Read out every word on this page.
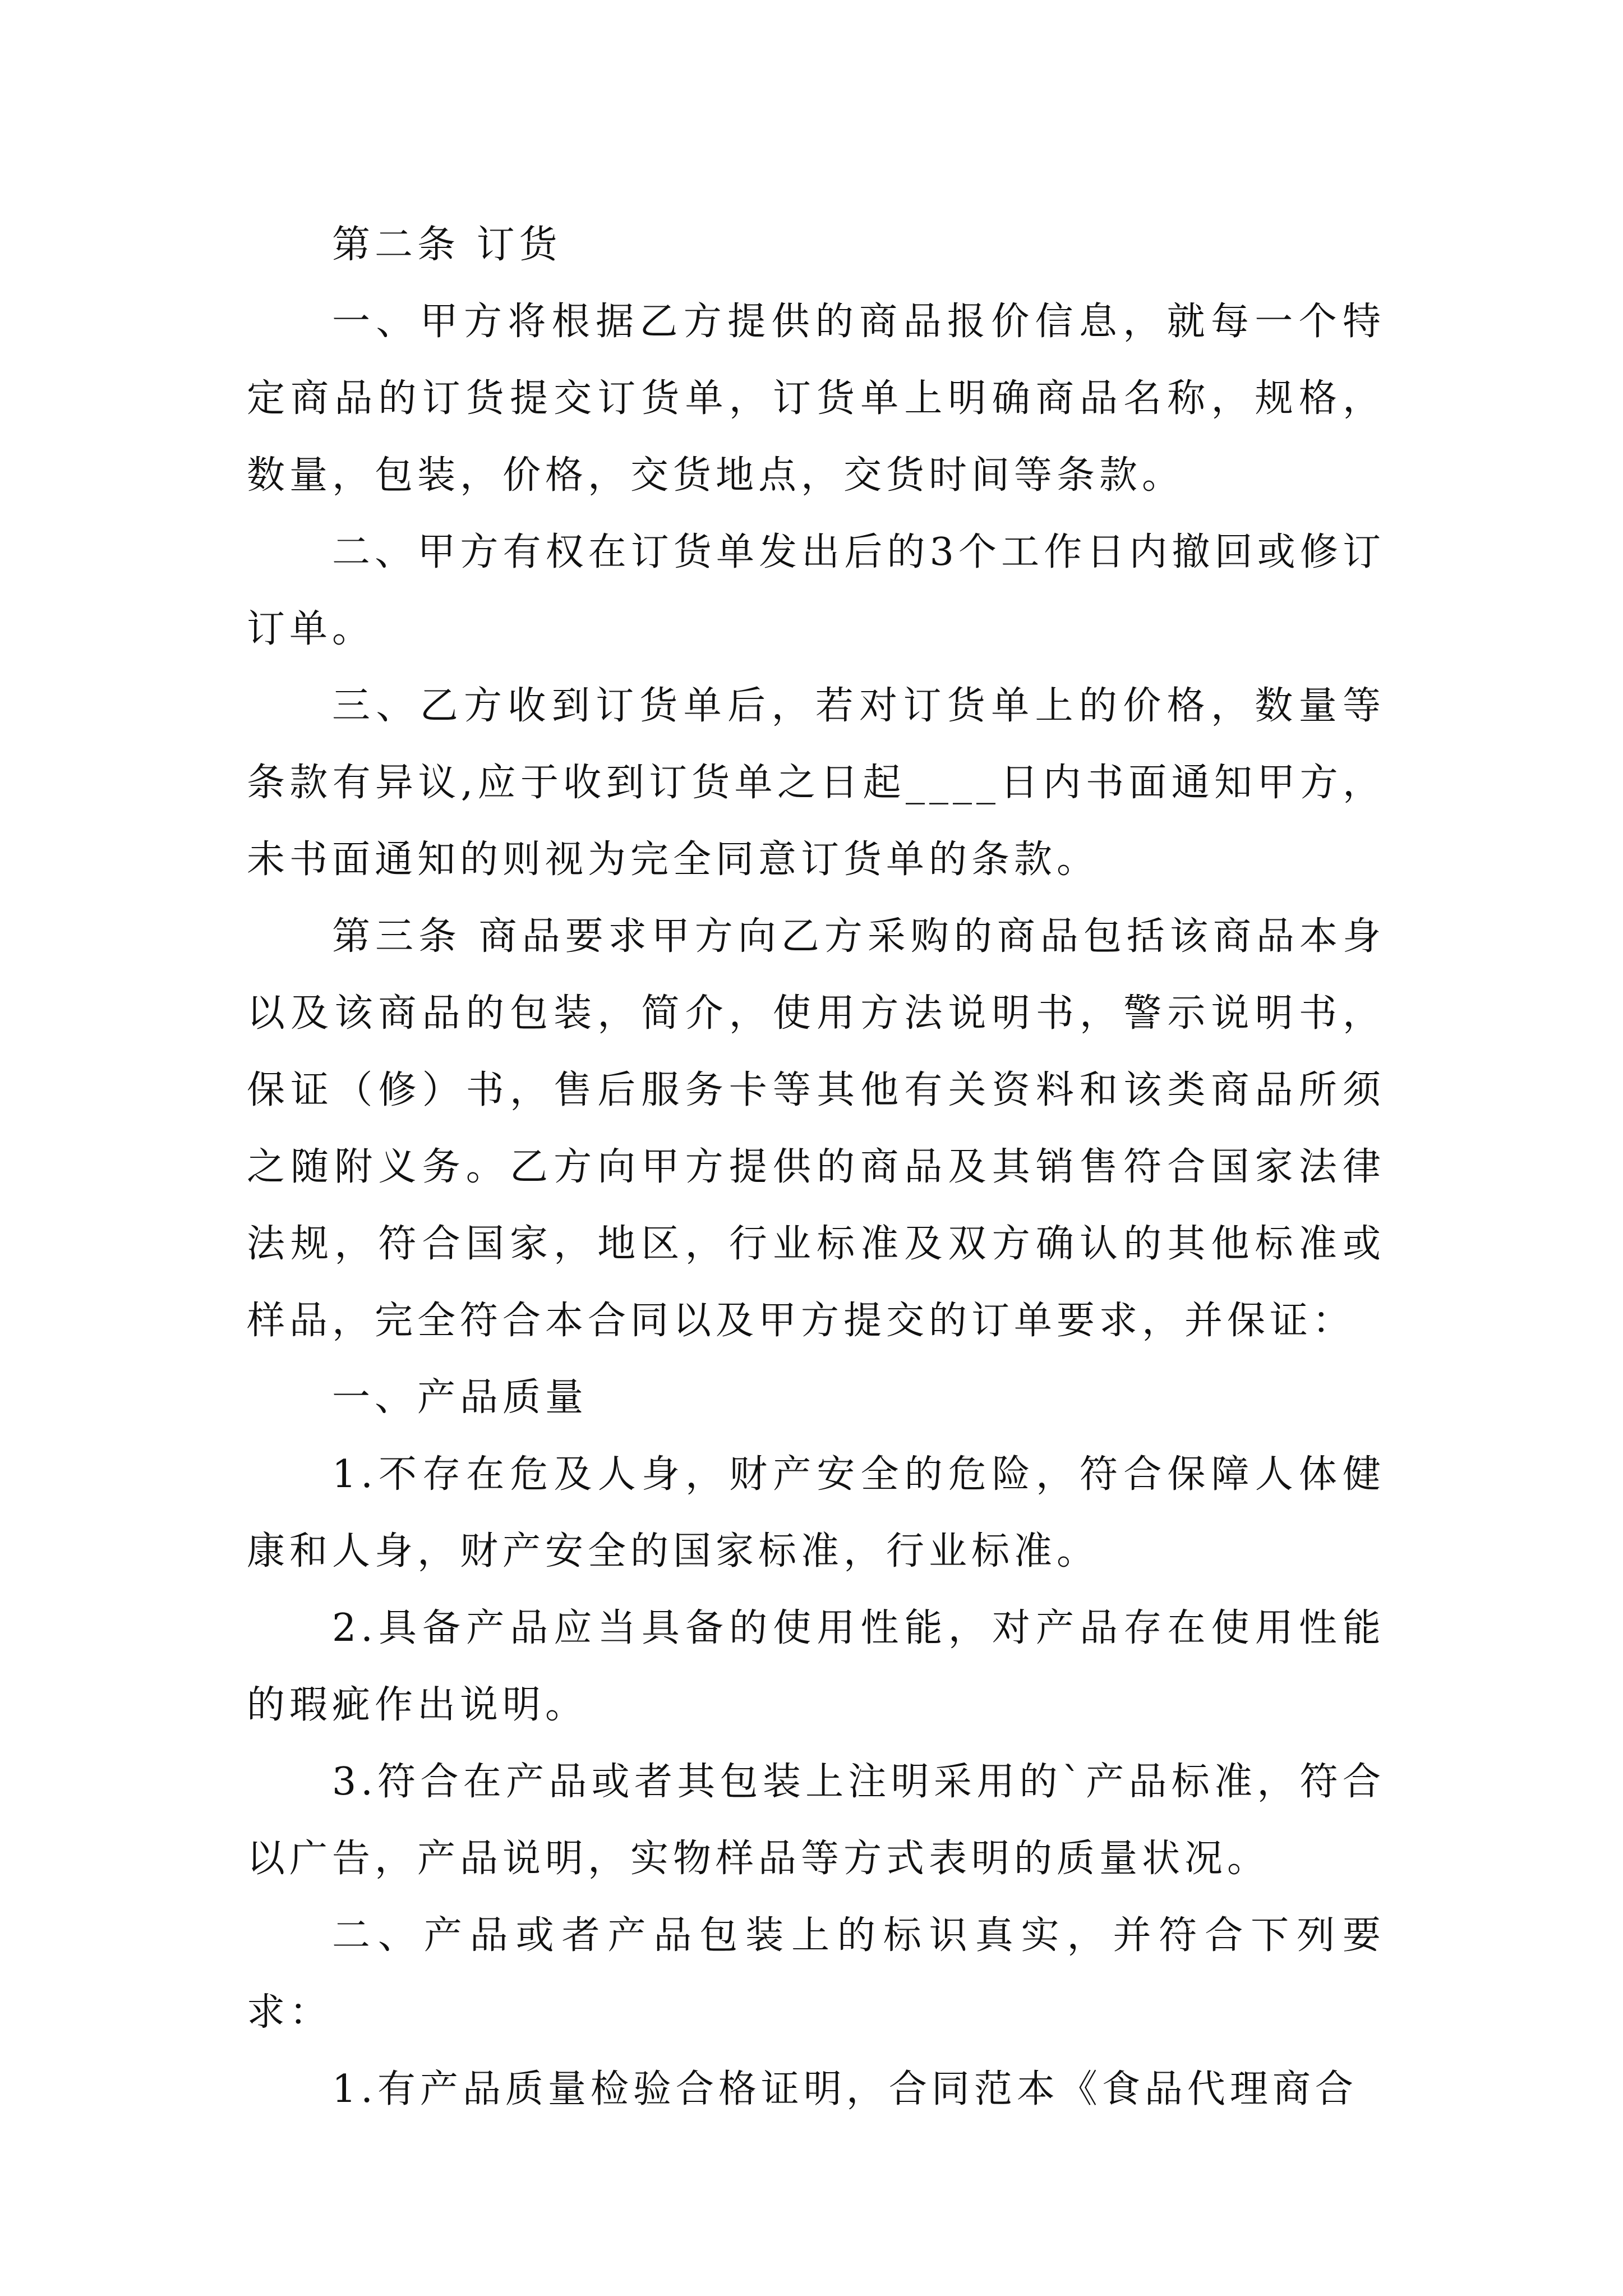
第二条 订货

一、甲方将根据乙方提供的商品报价信息，就每一个特定商品的订货提交订货单，订货单上明确商品名称，规格，数量，包装，价格，交货地点，交货时间等条款。

二、甲方有权在订货单发出后的3个工作日内撤回或修订订单。

三、乙方收到订货单后，若对订货单上的价格，数量等条款有异议,应于收到订货单之日起____日内书面通知甲方，未书面通知的则视为完全同意订货单的条款。

第三条 商品要求甲方向乙方采购的商品包括该商品本身以及该商品的包装，简介，使用方法说明书，警示说明书，保证（修）书，售后服务卡等其他有关资料和该类商品所须之随附义务。乙方向甲方提供的商品及其销售符合国家法律法规，符合国家，地区，行业标准及双方确认的其他标准或样品，完全符合本合同以及甲方提交的订单要求，并保证：

一、产品质量

1.不存在危及人身，财产安全的危险，符合保障人体健康和人身，财产安全的国家标准，行业标准。

2.具备产品应当具备的使用性能，对产品存在使用性能的瑕疵作出说明。

3.符合在产品或者其包装上注明采用的`产品标准，符合以广告，产品说明，实物样品等方式表明的质量状况。

二、产品或者产品包装上的标识真实，并符合下列要求：

1.有产品质量检验合格证明，合同范本《食品代理商合
